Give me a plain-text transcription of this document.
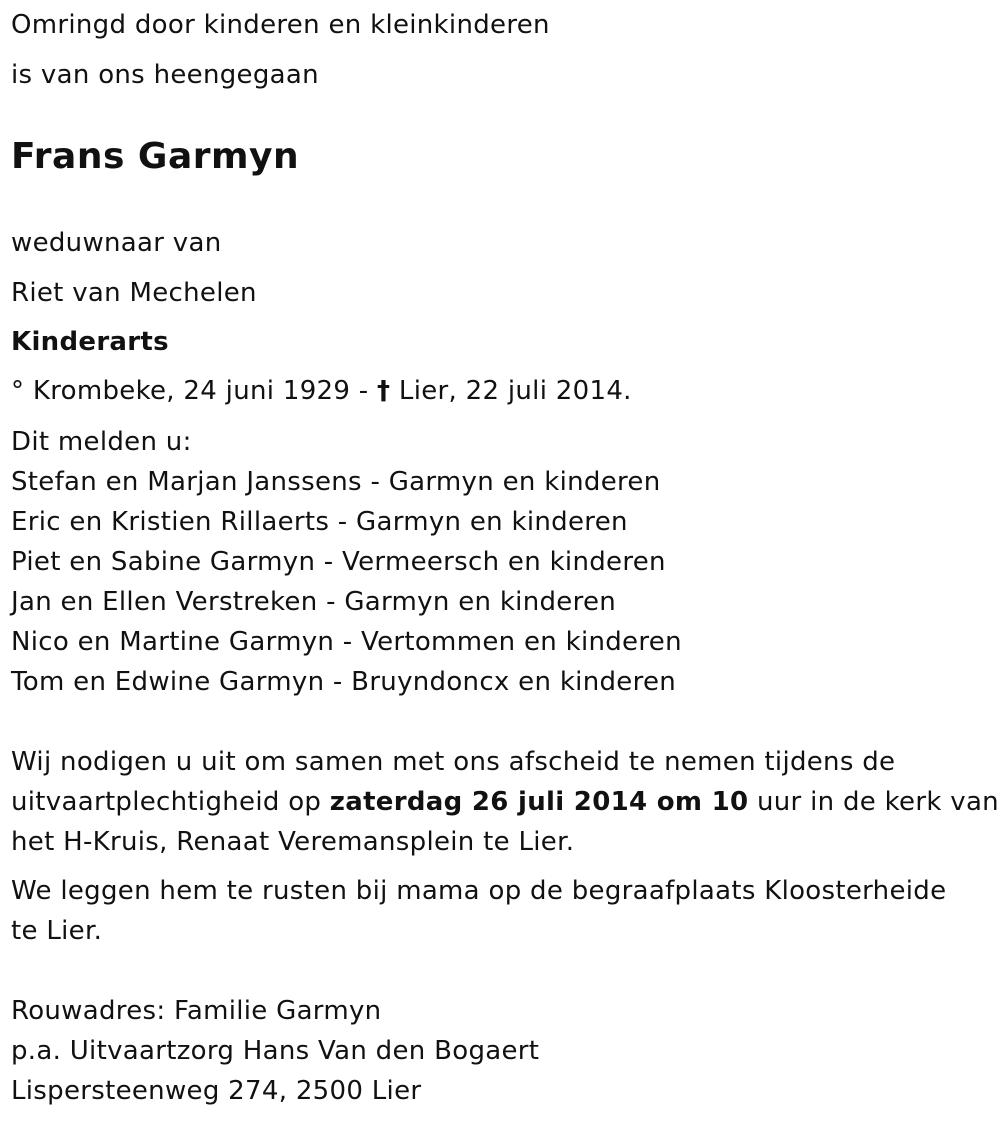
Omringd door kinderen en kleinkinderen
is van ons heengegaan
Frans Garmyn
weduwnaar van
Riet van Mechelen
Kinderarts
° Krombeke, 24 juni 1929 - † Lier, 22 juli 2014.
Dit melden u:
Stefan en Marjan Janssens - Garmyn en kinderen
Eric en Kristien Rillaerts - Garmyn en kinderen
Piet en Sabine Garmyn - Vermeersch en kinderen
Jan en Ellen Verstreken - Garmyn en kinderen
Nico en Martine Garmyn - Vertommen en kinderen
Tom en Edwine Garmyn - Bruyndoncx en kinderen
Wij nodigen u uit om samen met ons afscheid te nemen tijdens de
uitvaartplechtigheid op zaterdag 26 juli 2014 om 10 uur in de kerk van
het H-Kruis, Renaat Veremansplein te Lier.
We leggen hem te rusten bij mama op de begraafplaats Kloosterheide
te Lier.
Rouwadres: Familie Garmyn
p.a. Uitvaartzorg Hans Van den Bogaert
Lispersteenweg 274, 2500 Lier
